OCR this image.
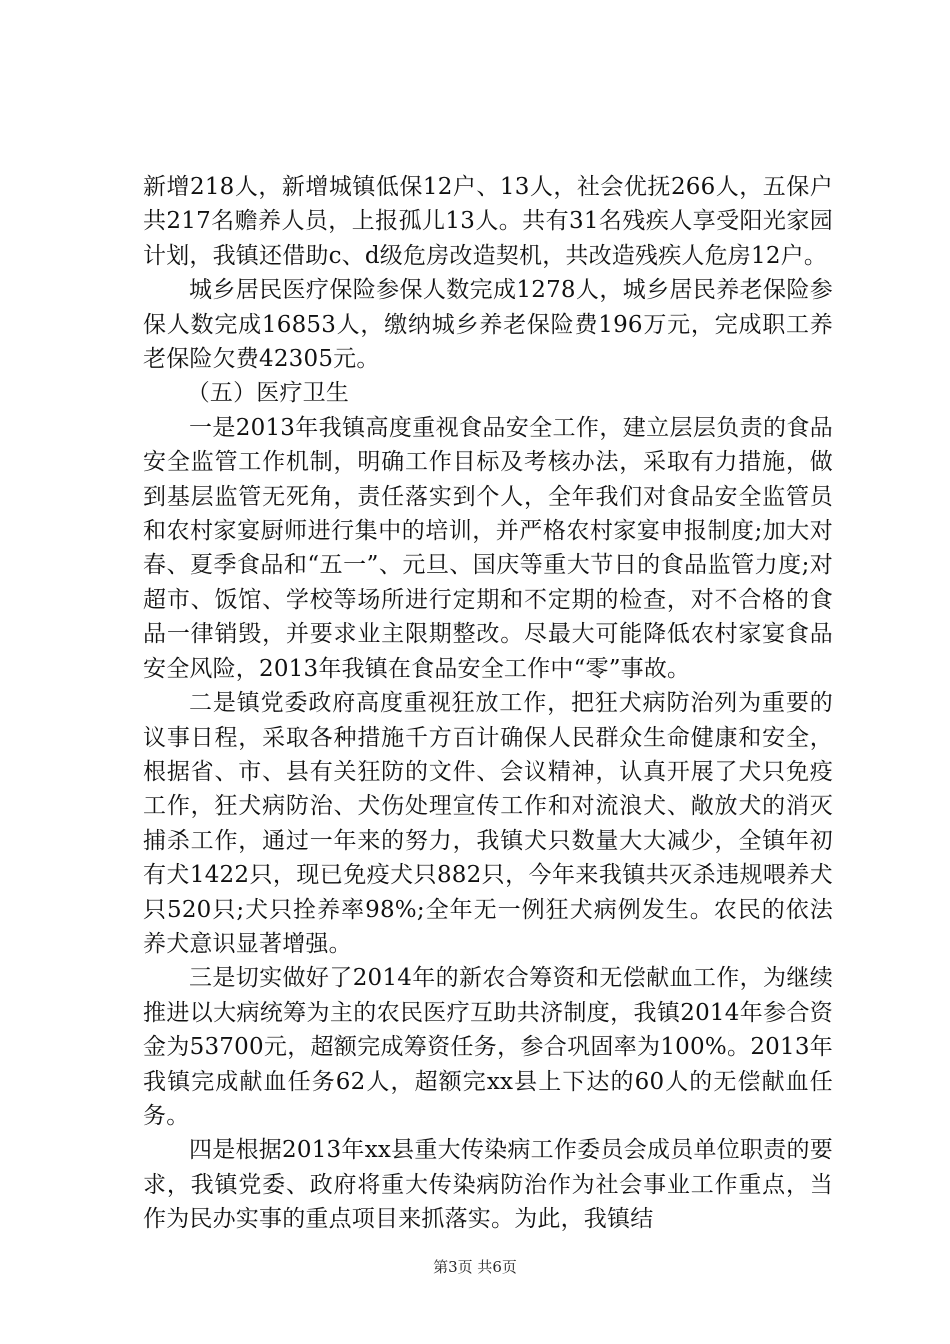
新增218人，新增城镇低保12户、13人，社会优抚266人，五保户共217名赡养人员，上报孤儿13人。共有31名残疾人享受阳光家园计划，我镇还借助c、d级危房改造契机，共改造残疾人危房12户。

城乡居民医疗保险参保人数完成1278人，城乡居民养老保险参保人数完成16853人，缴纳城乡养老保险费196万元，完成职工养老保险欠费42305元。

（五）医疗卫生

一是2013年我镇高度重视食品安全工作，建立层层负责的食品安全监管工作机制，明确工作目标及考核办法，采取有力措施，做到基层监管无死角，责任落实到个人，全年我们对食品安全监管员和农村家宴厨师进行集中的培训，并严格农村家宴申报制度;加大对春、夏季食品和“五一”、元旦、国庆等重大节日的食品监管力度;对超市、饭馆、学校等场所进行定期和不定期的检查，对不合格的食品一律销毁，并要求业主限期整改。尽最大可能降低农村家宴食品安全风险，2013年我镇在食品安全工作中“零”事故。

二是镇党委政府高度重视狂放工作，把狂犬病防治列为重要的议事日程，采取各种措施千方百计确保人民群众生命健康和安全，根据省、市、县有关狂防的文件、会议精神，认真开展了犬只免疫工作，狂犬病防治、犬伤处理宣传工作和对流浪犬、敞放犬的消灭捕杀工作，通过一年来的努力，我镇犬只数量大大减少，全镇年初有犬1422只，现已免疫犬只882只，今年来我镇共灭杀违规喂养犬只520只;犬只拴养率98%;全年无一例狂犬病例发生。农民的依法养犬意识显著增强。

三是切实做好了2014年的新农合筹资和无偿献血工作，为继续推进以大病统筹为主的农民医疗互助共济制度，我镇2014年参合资金为53700元，超额完成筹资任务，参合巩固率为100%。2013年我镇完成献血任务62人，超额完xx县上下达的60人的无偿献血任务。

四是根据2013年xx县重大传染病工作委员会成员单位职责的要求，我镇党委、政府将重大传染病防治作为社会事业工作重点，当作为民办实事的重点项目来抓落实。为此，我镇结

第3页 共6页
